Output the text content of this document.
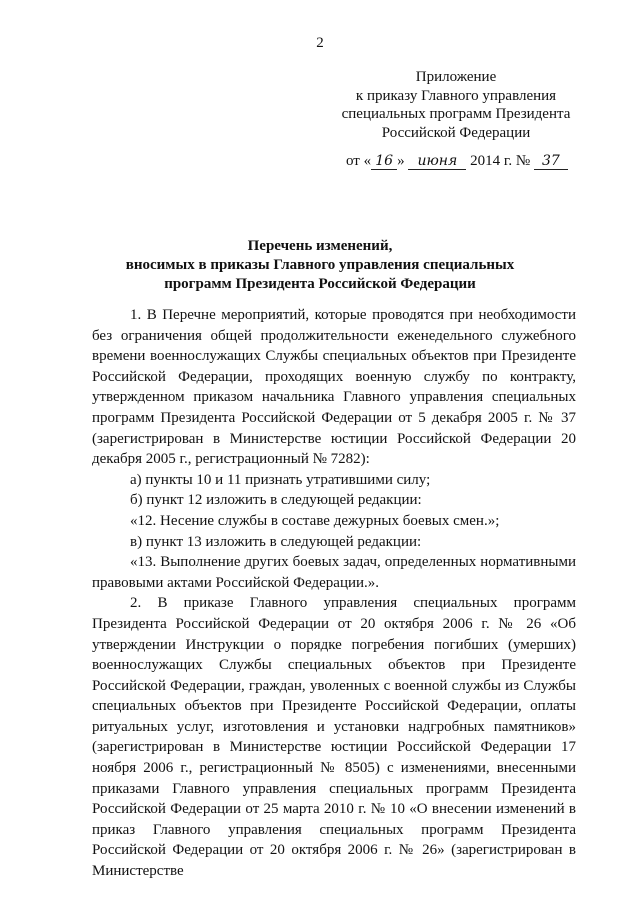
2
Приложение
к приказу Главного управления
специальных программ Президента
Российской Федерации
от « 16 » июня 2014 г. № 37
Перечень изменений,
вносимых в приказы Главного управления специальных
программ Президента Российской Федерации

1. В Перечне мероприятий, которые проводятся при необходимости без ограничения общей продолжительности еженедельного служебного времени военнослужащих Службы специальных объектов при Президенте Российской Федерации, проходящих военную службу по контракту, утвержденном приказом начальника Главного управления специальных программ Президента Российской Федерации от 5 декабря 2005 г. № 37 (зарегистрирован в Министерстве юстиции Российской Федерации 20 декабря 2005 г., регистрационный № 7282):

а) пункты 10 и 11 признать утратившими силу;

б) пункт 12 изложить в следующей редакции:

«12. Несение службы в составе дежурных боевых смен.»;

в) пункт 13 изложить в следующей редакции:

«13. Выполнение других боевых задач, определенных нормативными правовыми актами Российской Федерации.».

2. В приказе Главного управления специальных программ Президента Российской Федерации от 20 октября 2006 г. № 26 «Об утверждении Инструкции о порядке погребения погибших (умерших) военнослужащих Службы специальных объектов при Президенте Российской Федерации, граждан, уволенных с военной службы из Службы специальных объектов при Президенте Российской Федерации, оплаты ритуальных услуг, изготовления и установки надгробных памятников» (зарегистрирован в Министерстве юстиции Российской Федерации 17 ноября 2006 г., регистрационный № 8505) с изменениями, внесенными приказами Главного управления специальных программ Президента Российской Федерации от 25 марта 2010 г. № 10 «О внесении изменений в приказ Главного управления специальных программ Президента Российской Федерации от 20 октября 2006 г. № 26» (зарегистрирован в Министерстве
